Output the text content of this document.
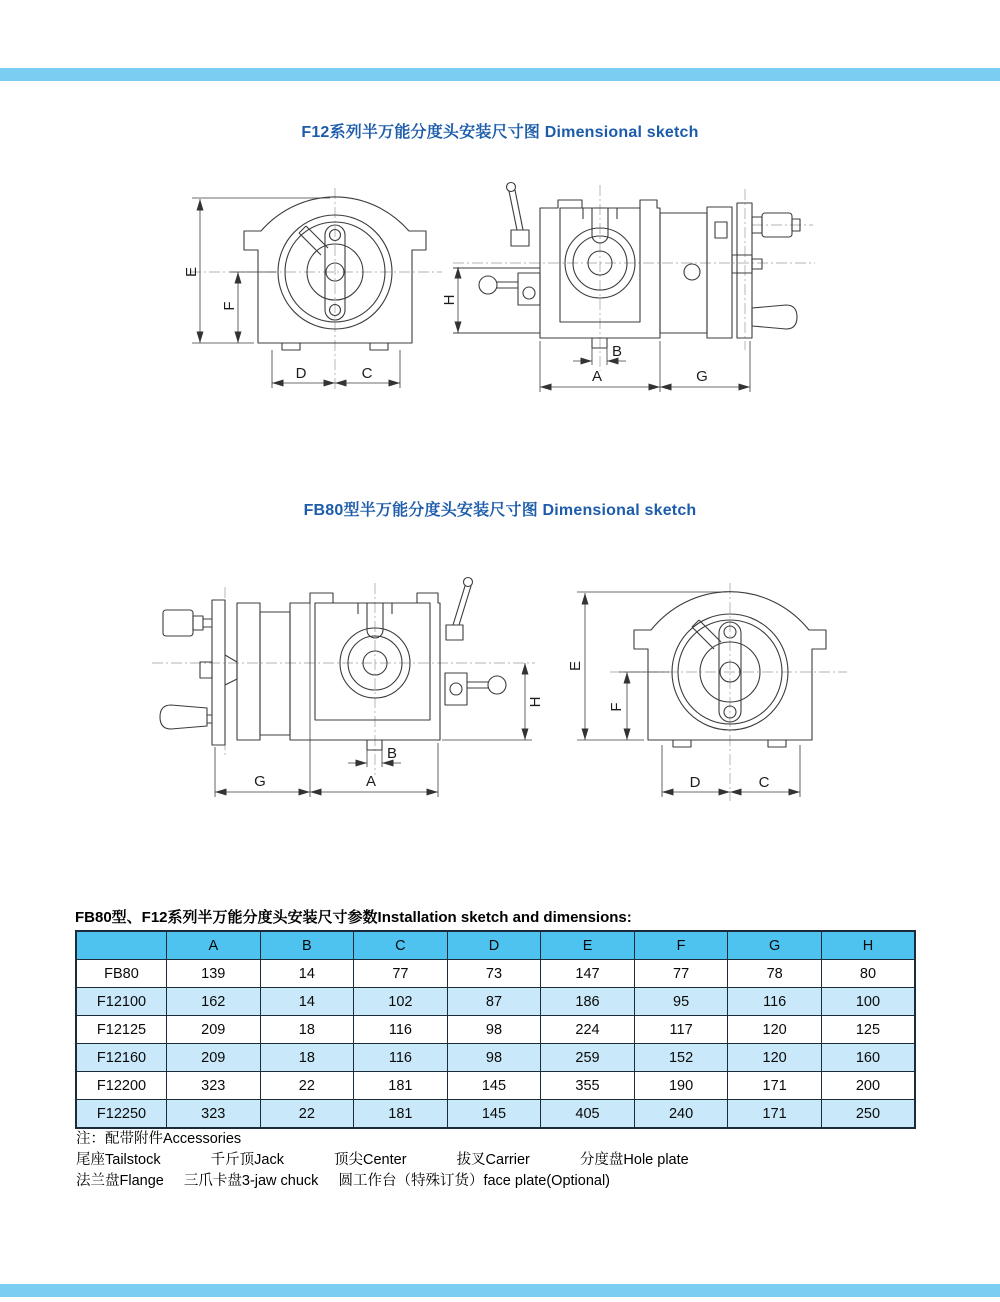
F12系列半万能分度头安装尺寸图 Dimensional sketch
E
F
D	C
H
B
A	G
FB80型半万能分度头安装尺寸图 Dimensional sketch
H
B
G	A
E
F
D	C
FB80型、F12系列半万能分度头安装尺寸参数Installation sketch and dimensions:
	A	B	C	D	E	F	G	H
FB80	139	14	77	73	147	77	78	80
F12100	162	14	102	87	186	95	116	100
F12125	209	18	116	98	224	117	120	125
F12160	209	18	116	98	259	152	120	160
F12200	323	22	181	145	355	190	171	200
F12250	323	22	181	145	405	240	171	250
注：配带附件Accessories
尾座Tailstock	千斤顶Jack	顶尖Center	拔叉Carrier	分度盘Hole plate
法兰盘Flange 三爪卡盘3-jaw chuck 圆工作台（特殊订货）face plate(Optional)
